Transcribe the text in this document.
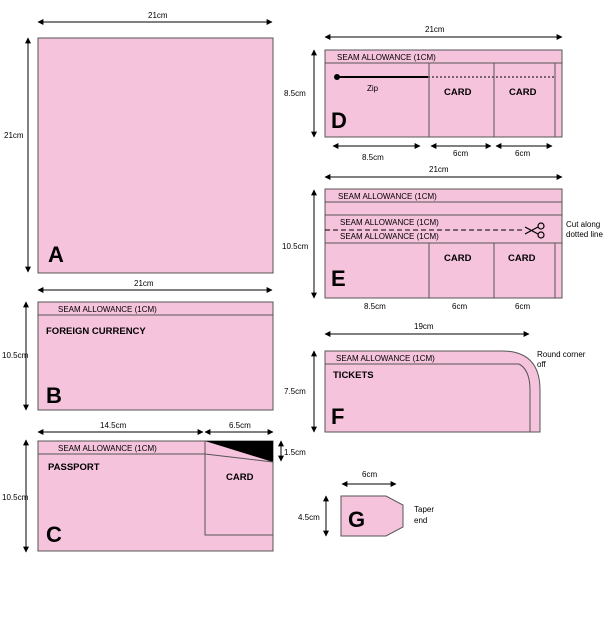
21cm
21cm
A
21cm
10.5cm
SEAM ALLOWANCE (1CM)
FOREIGN CURRENCY
B
14.5cm	6.5cm
10.5cm
1.5cm
SEAM ALLOWANCE (1CM)
CARD
PASSPORT
C
21cm
8.5cm
SEAM ALLOWANCE (1CM)
Zip	CARD	CARD
D
8.5cm	6cm	6cm
21cm
10.5cm
SEAM ALLOWANCE (1CM)
SEAM ALLOWANCE (1CM)
SEAM ALLOWANCE (1CM)
CARD	CARD
E
8.5cm	6cm	6cm
Cut along
dotted line
19cm
7.5cm
SEAM ALLOWANCE (1CM)
TICKETS
F
Round corner
off
6cm
4.5cm G	Taper
end
